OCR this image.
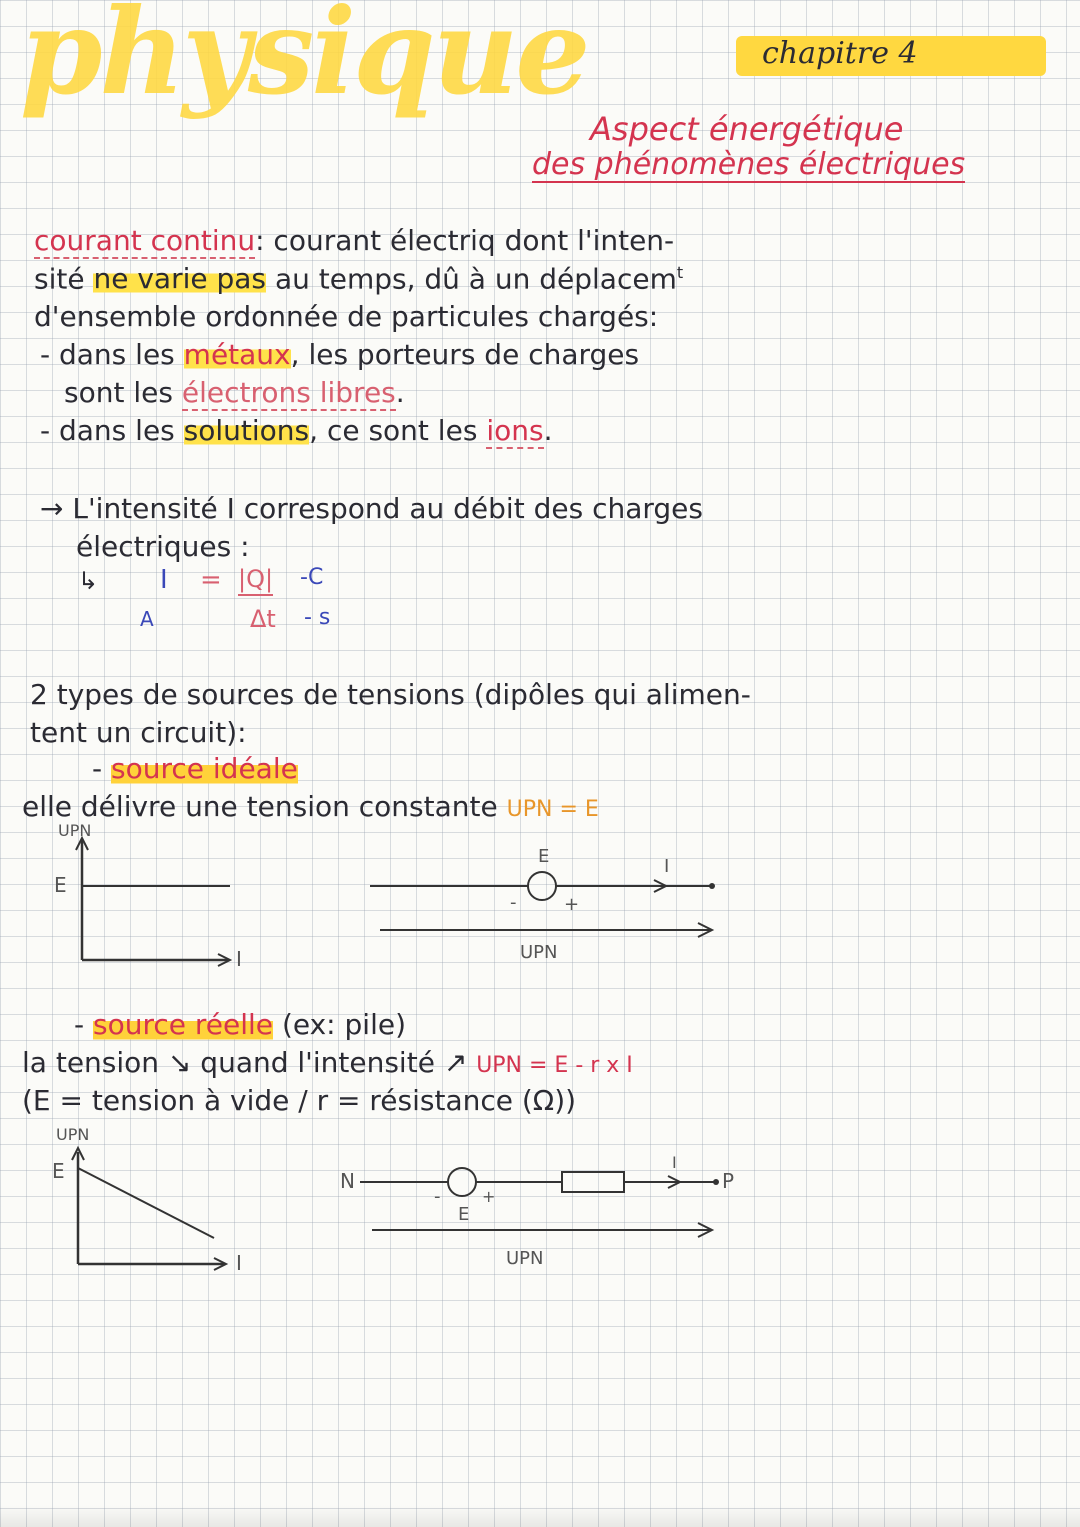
physique	chapitre 4
Aspect énergétique
des phénomènes électriques
courant continu: courant électriq dont l'inten-
sité ne varie pas au temps, dû à un déplacem$^t$
d'ensemble ordonnée de particules chargés:
- dans les métaux, les porteurs de charges
sont les électrons libres.
- dans les solutions, ce sont les ions.
→ L'intensité I correspond au débit des charges
électriques :
↳ I = |Q| -C
Δt - s
A
2 types de sources de tensions (dipôles qui alimen-
tent un circuit):
- source idéale
elle délivre une tension constante UPN = E
UPN
E
I
E	I
-	+
UPN
- source réelle (ex: pile)
la tension ↘ quand l'intensité ↗ UPN = E - r x I
(E = tension à vide / r = résistance (Ω))
UPN
E
I
N	P
I
-	+
E
UPN
